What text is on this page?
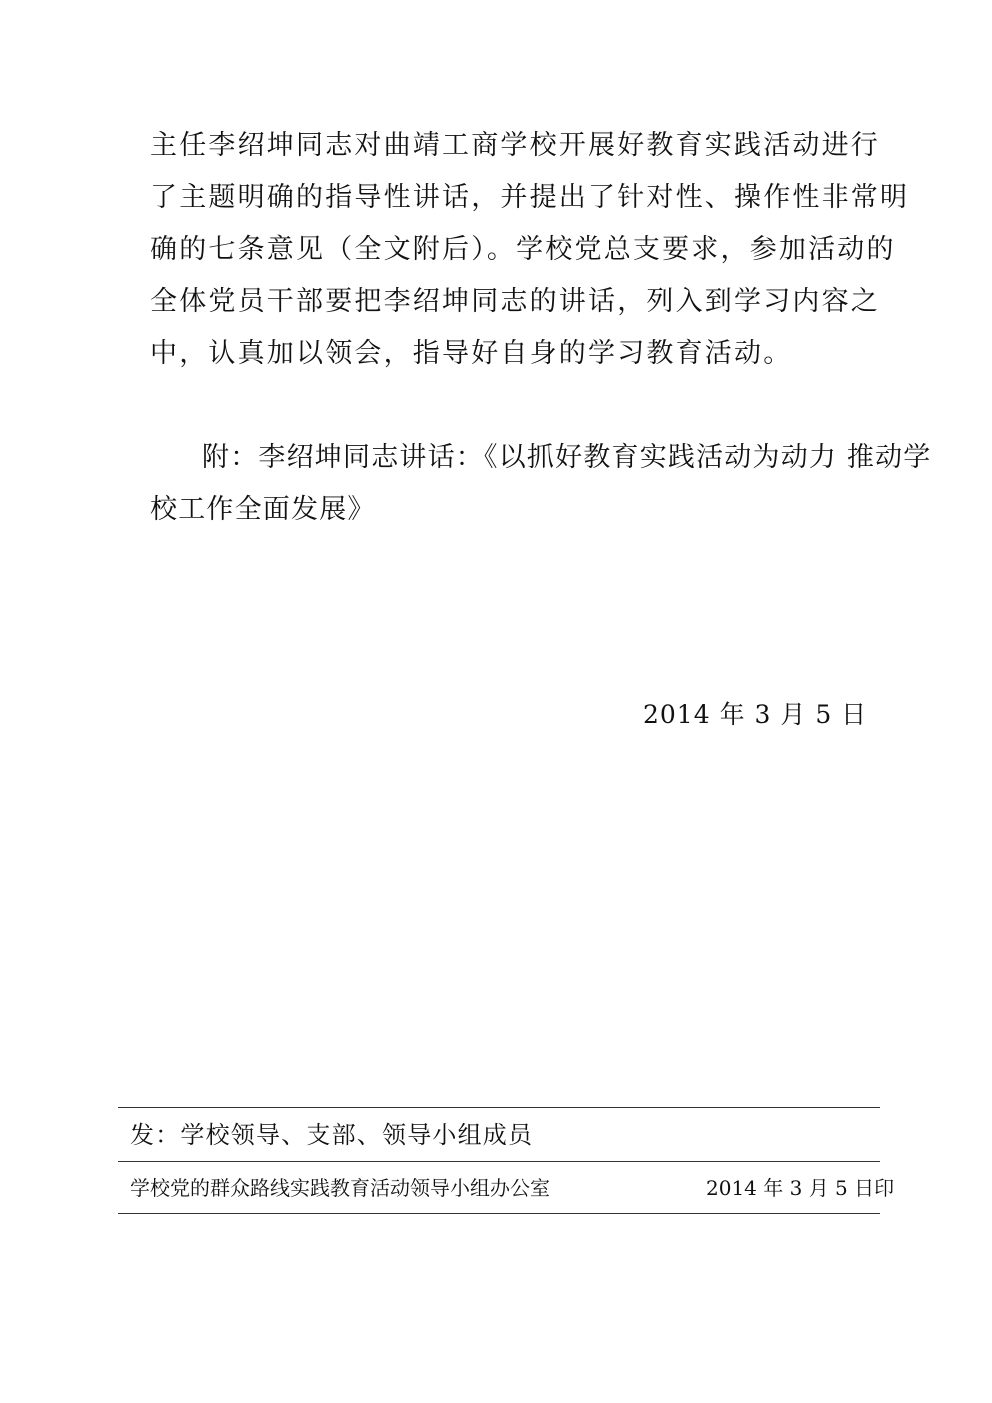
主任李绍坤同志对曲靖工商学校开展好教育实践活动进行
了主题明确的指导性讲话，并提出了针对性、操作性非常明
确的七条意见（全文附后）。学校党总支要求，参加活动的
全体党员干部要把李绍坤同志的讲话，列入到学习内容之
中，认真加以领会，指导好自身的学习教育活动。
附：李绍坤同志讲话：《以抓好教育实践活动为动力 推动学
校工作全面发展》
2014 年 3 月 5 日
发：学校领导、支部、领导小组成员
学校党的群众路线实践教育活动领导小组办公室	2014 年 3 月 5 日印
